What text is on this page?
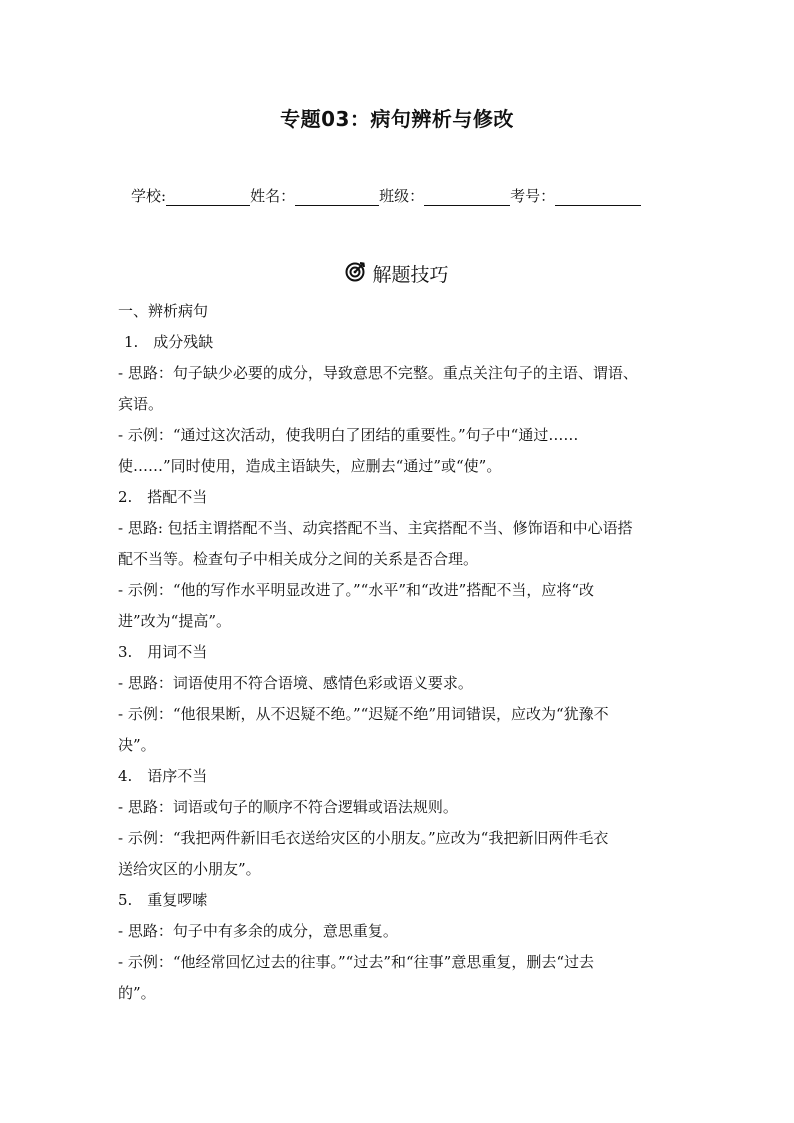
专题03：病句辨析与修改
学校:	姓名：	班级：	考号：
解题技巧

一、辨析病句

1.　成分残缺

- 思路：句子缺少必要的成分，导致意思不完整。重点关注句子的主语、谓语、

宾语。

- 示例：“通过这次活动，使我明白了团结的重要性。”句子中“通过……

使……”同时使用，造成主语缺失，应删去“通过”或“使”。

2.　搭配不当

- 思路: 包括主谓搭配不当、动宾搭配不当、主宾搭配不当、修饰语和中心语搭

配不当等。检查句子中相关成分之间的关系是否合理。

- 示例：“他的写作水平明显改进了。”“水平”和“改进”搭配不当，应将“改

进”改为“提高”。

3.　用词不当

- 思路：词语使用不符合语境、感情色彩或语义要求。

- 示例：“他很果断，从不迟疑不绝。”“迟疑不绝”用词错误，应改为“犹豫不

决”。

4.　语序不当

- 思路：词语或句子的顺序不符合逻辑或语法规则。

- 示例：“我把两件新旧毛衣送给灾区的小朋友。”应改为“我把新旧两件毛衣

送给灾区的小朋友”。

5.　重复啰嗦

- 思路：句子中有多余的成分，意思重复。

- 示例：“他经常回忆过去的往事。”“过去”和“往事”意思重复，删去“过去

的”。
